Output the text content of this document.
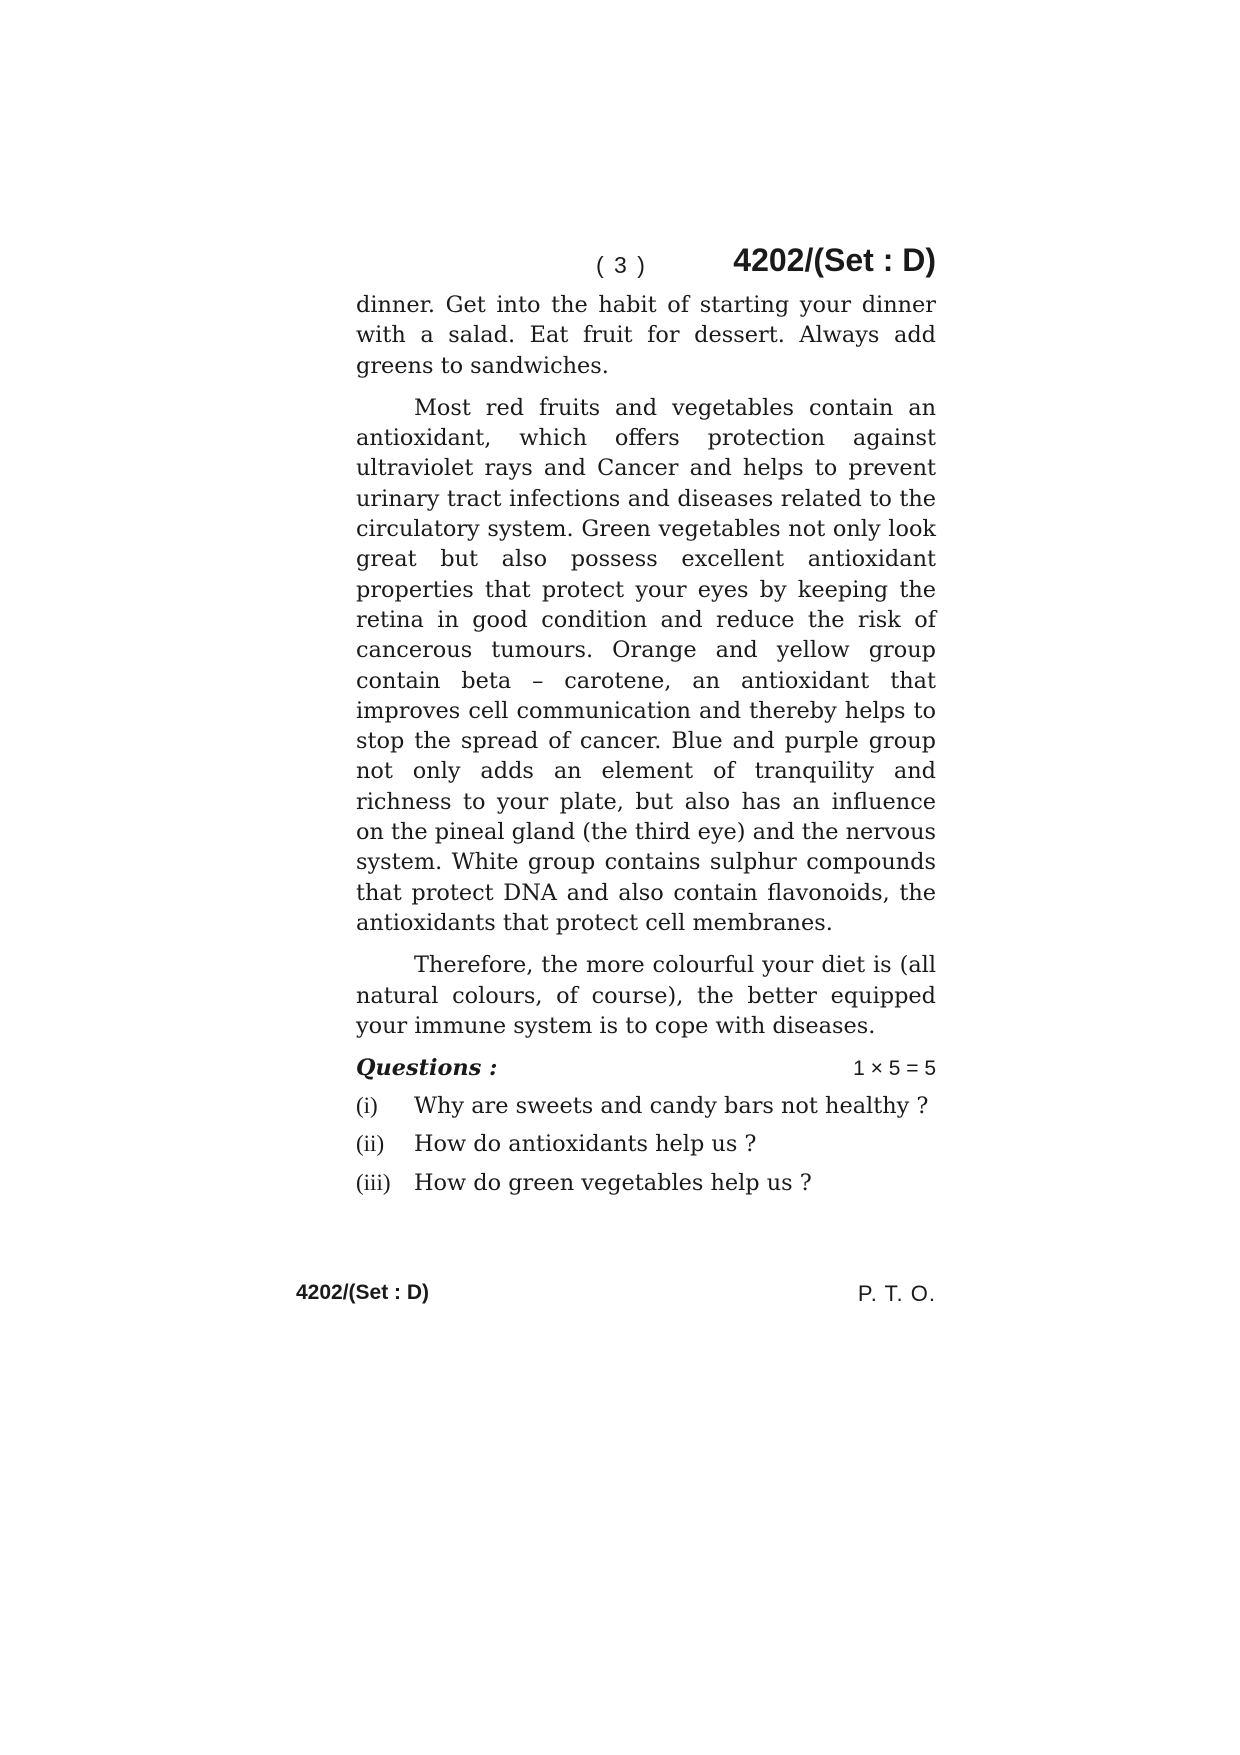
( 3 )	4202/(Set : D)

dinner. Get into the habit of starting your dinner with a salad. Eat fruit for dessert. Always add greens to sandwiches.

Most red fruits and vegetables contain an antioxidant, which offers protection against ultraviolet rays and Cancer and helps to prevent urinary tract infections and diseases related to the circulatory system. Green vegetables not only look great but also possess excellent antioxidant properties that protect your eyes by keeping the retina in good condition and reduce the risk of cancerous tumours. Orange and yellow group contain beta – carotene, an antioxidant that improves cell communication and thereby helps to stop the spread of cancer. Blue and purple group not only adds an element of tranquility and richness to your plate, but also has an influence on the pineal gland (the third eye) and the nervous system. White group contains sulphur compounds that protect DNA and also contain flavonoids, the antioxidants that protect cell membranes.

Therefore, the more colourful your diet is (all natural colours, of course), the better equipped your immune system is to cope with diseases.

Questions :	1 × 5 = 5
(i)	Why are sweets and candy bars not healthy ?
(ii)	How do antioxidants help us ?
(iii)	How do green vegetables help us ?
4202/(Set : D)	P. T. O.
